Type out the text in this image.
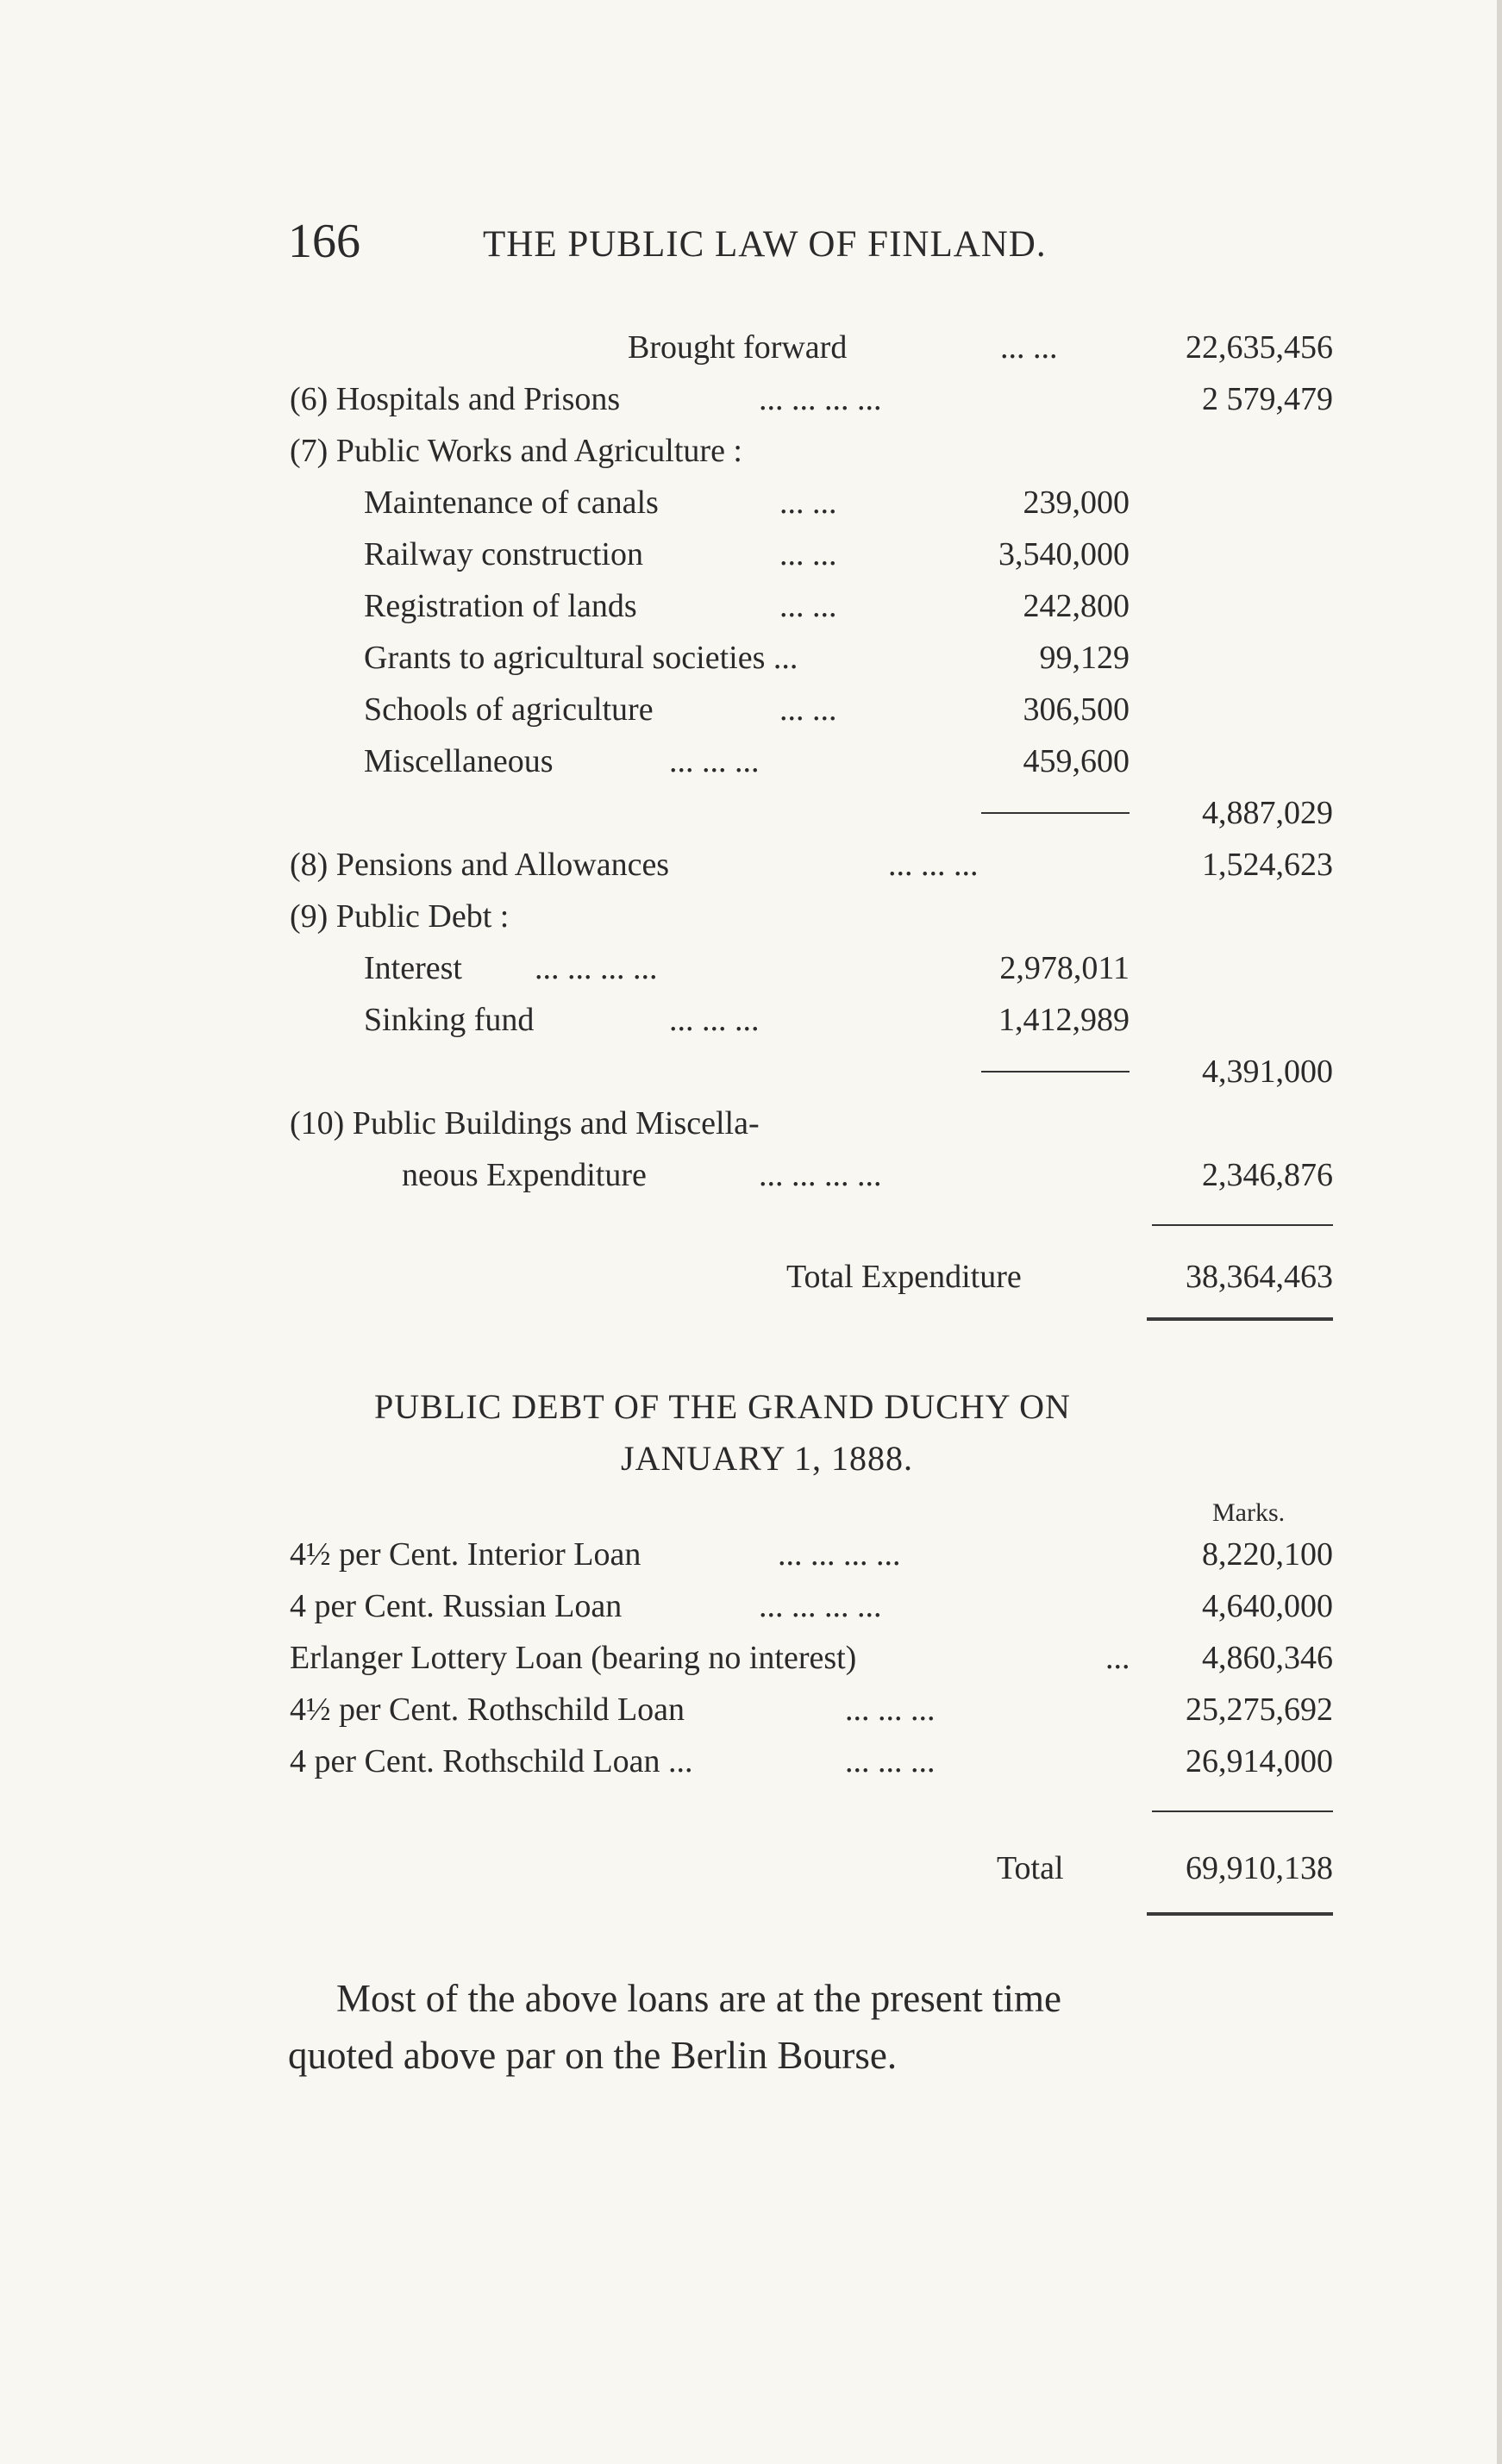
166	THE PUBLIC LAW OF FINLAND.
Brought forward	... ...	22,635,456
(6) Hospitals and Prisons	... ... ... ...	2 579,479
(7) Public Works and Agriculture :
Maintenance of canals	... ...	239,000
Railway construction	... ...	3,540,000
Registration of lands	... ...	242,800
Grants to agricultural societies ...	99,129
Schools of agriculture	... ...	306,500
Miscellaneous	... ... ...	459,600
4,887,029
(8) Pensions and Allowances	... ... ...	1,524,623
(9) Public Debt :
Interest ... ... ... ...	2,978,011
Sinking fund	... ... ...	1,412,989
4,391,000
(10) Public Buildings and Miscella-
neous Expenditure	... ... ... ...	2,346,876
Total Expenditure	38,364,463
PUBLIC DEBT OF THE GRAND DUCHY ON
JANUARY 1, 1888.
Marks.
4½ per Cent. Interior Loan	... ... ... ...	8,220,100
4 per Cent. Russian Loan	... ... ... ...	4,640,000
Erlanger Lottery Loan (bearing no interest)	... 4,860,346
4½ per Cent. Rothschild Loan	... ... ...	25,275,692
4 per Cent. Rothschild Loan ...	... ... ...	26,914,000
Total	69,910,138
Most of the above loans are at the present time
quoted above par on the Berlin Bourse.
